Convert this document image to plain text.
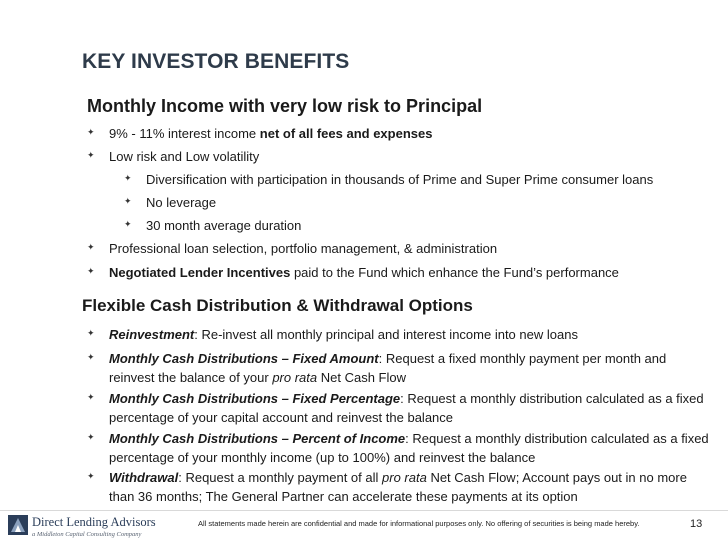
KEY INVESTOR BENEFITS
Monthly Income with very low risk to Principal
✦ 9% - 11% interest income net of all fees and expenses
✦ Low risk and Low volatility
✦ Diversification with participation in thousands of Prime and Super Prime consumer loans
✦ No leverage
✦ 30 month average duration
✦ Professional loan selection, portfolio management, & administration
✦ Negotiated Lender Incentives paid to the Fund which enhance the Fund’s performance
Flexible Cash Distribution & Withdrawal Options
✦ Reinvestment: Re-invest all monthly principal and interest income into new loans
✦ Monthly Cash Distributions – Fixed Amount: Request a fixed monthly payment per month and reinvest the balance of your pro rata Net Cash Flow
✦ Monthly Cash Distributions – Fixed Percentage: Request a monthly distribution calculated as a fixed percentage of your capital account and reinvest the balance
✦ Monthly Cash Distributions – Percent of Income: Request a monthly distribution calculated as a fixed percentage of your monthly income (up to 100%) and reinvest the balance
✦ Withdrawal: Request a monthly payment of all pro rata Net Cash Flow; Account pays out in no more than 36 months; The General Partner can accelerate these payments at its option
Direct Lending Advisors
a Middleton Capital Consulting Company
All statements made herein are confidential and made for informational purposes only. No offering of securities is being made hereby.	13
